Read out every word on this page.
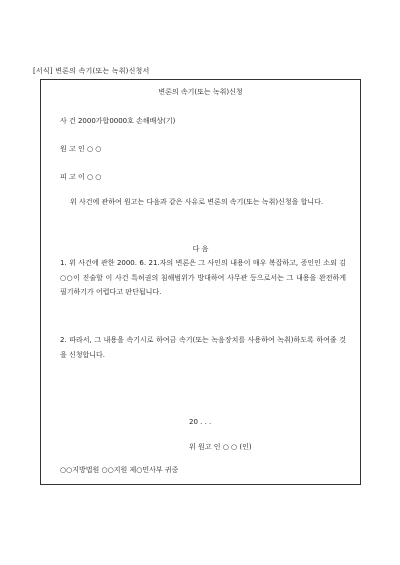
[서식] 변론의 속기(또는 녹취)신청서
변론의 속기(또는 녹취)신청
사 건 2000가합0000호 손해배상(기)
원 고 인 ○ ○
피 고 이 ○ ○
위 사건에 관하여 원고는 다음과 같은 사유로 변론의 속기(또는 녹취)신청을 합니다.
다 음
1. 위 사건에 관한 2000. 6. 21.자의 변론은 그 사인의 내용이 매우 복잡하고, 증인인 소외 김○○이 진술할 이 사건 특허권의 침해범위가 방대하여 사무관 등으로서는 그 내용을 완전하게 필기하기가 어렵다고 판단됩니다.
2. 따라서, 그 내용을 속기시로 하여금 속기(또는 녹음장치를 사용하여 녹취)하도록 하여줄 것을 신청합니다.
20 . . .
위 원고 인 ○ ○ (인)
○○지방법원 ○○지원 제○민사부 귀중
